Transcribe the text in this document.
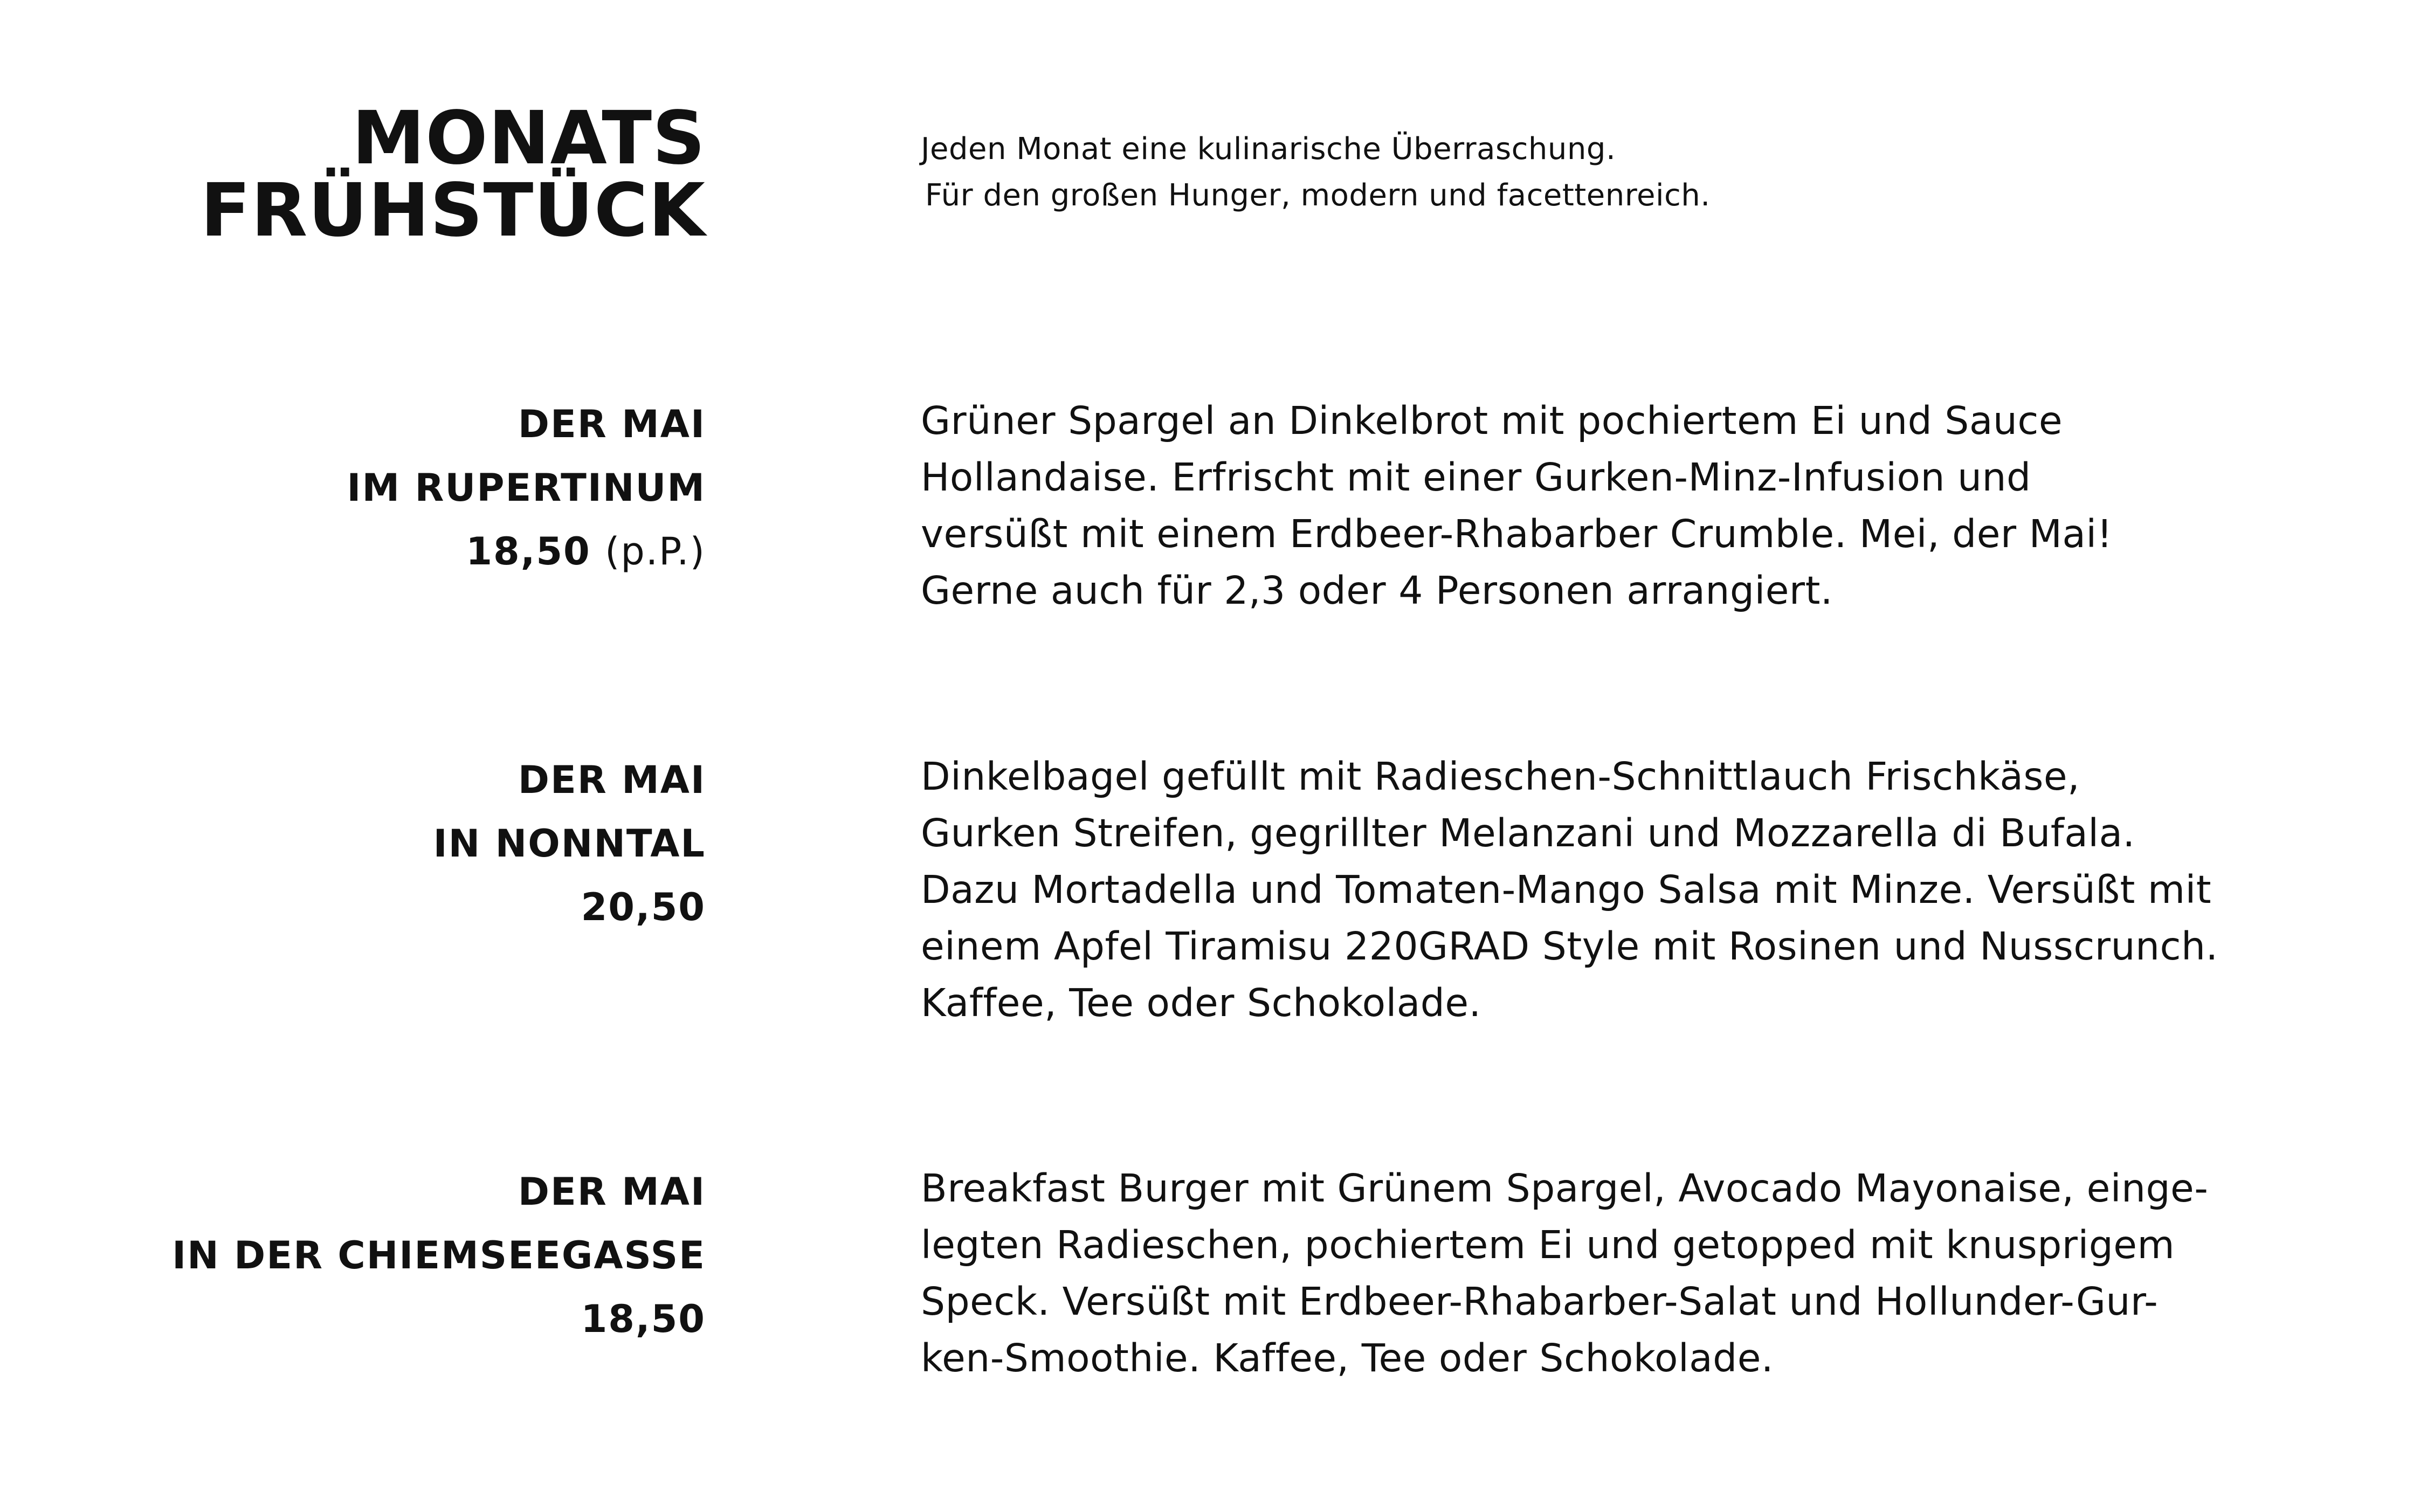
MONATS
FRÜHSTÜCK
Jeden Monat eine kulinarische Überraschung.
Für den großen Hunger, modern und facettenreich.
DER MAI
IM RUPERTINUM
18,50 (p.P.)
Grüner Spargel an Dinkelbrot mit pochiertem Ei und Sauce
Hollandaise. Erfrischt mit einer Gurken-Minz-Infusion und
versüßt mit einem Erdbeer-Rhabarber Crumble. Mei, der Mai!
Gerne auch für 2,3 oder 4 Personen arrangiert.
DER MAI
IN NONNTAL
20,50
Dinkelbagel gefüllt mit Radieschen-Schnittlauch Frischkäse,
Gurken Streifen, gegrillter Melanzani und Mozzarella di Bufala.
Dazu Mortadella und Tomaten-Mango Salsa mit Minze. Versüßt mit
einem Apfel Tiramisu 220GRAD Style mit Rosinen und Nusscrunch.
Kaffee, Tee oder Schokolade.
DER MAI
IN DER CHIEMSEEGASSE
18,50
Breakfast Burger mit Grünem Spargel, Avocado Mayonaise, einge-
legten Radieschen, pochiertem Ei und getopped mit knusprigem
Speck. Versüßt mit Erdbeer-Rhabarber-Salat und Hollunder-Gur-
ken-Smoothie. Kaffee, Tee oder Schokolade.
